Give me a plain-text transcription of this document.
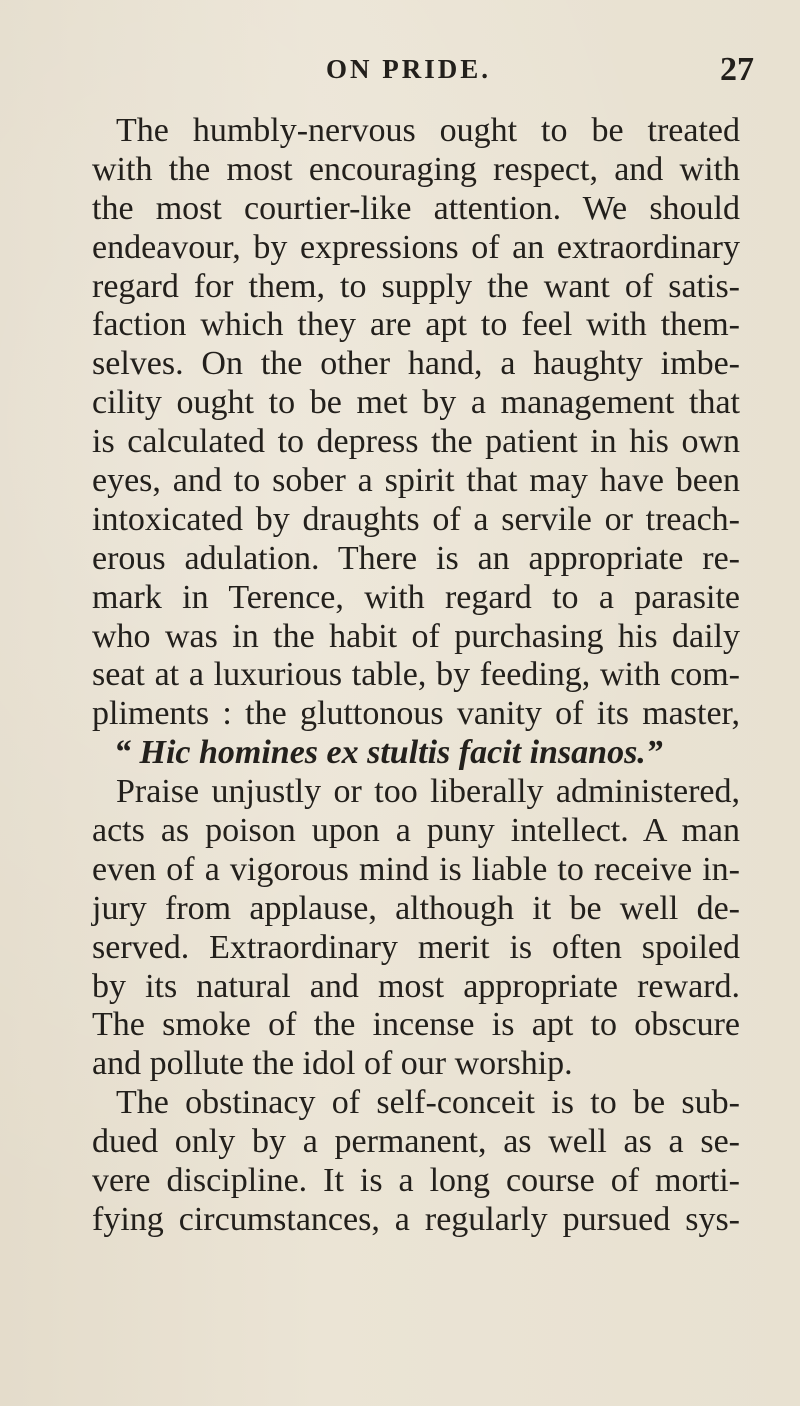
ON PRIDE.	27
The humbly-nervous ought to be treated
with the most encouraging respect, and with
the most courtier-like attention. We should
endeavour, by expressions of an extraordinary
regard for them, to supply the want of satis-
faction which they are apt to feel with them-
selves. On the other hand, a haughty imbe-
cility ought to be met by a management that
is calculated to depress the patient in his own
eyes, and to sober a spirit that may have been
intoxicated by draughts of a servile or treach-
erous adulation. There is an appropriate re-
mark in Terence, with regard to a parasite
who was in the habit of purchasing his daily
seat at a luxurious table, by feeding, with com-
pliments : the gluttonous vanity of its master,
“ Hic homines ex stultis facit insanos.”
Praise unjustly or too liberally administered,
acts as poison upon a puny intellect. A man
even of a vigorous mind is liable to receive in-
jury from applause, although it be well de-
served. Extraordinary merit is often spoiled
by its natural and most appropriate reward.
The smoke of the incense is apt to obscure
and pollute the idol of our worship.
The obstinacy of self-conceit is to be sub-
dued only by a permanent, as well as a se-
vere discipline. It is a long course of morti-
fying circumstances, a regularly pursued sys-
